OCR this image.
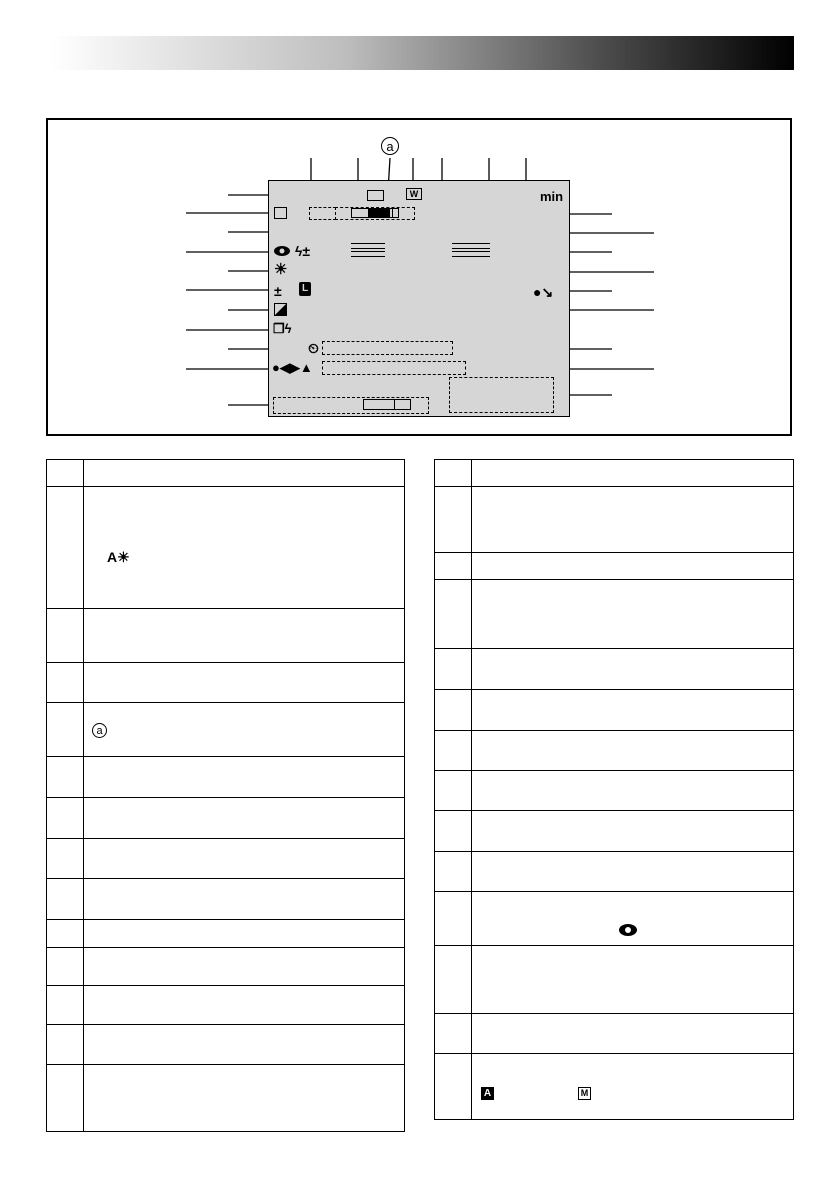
a
min
W
ϟ±
☀
±
❐ϟ
⏲
●◀▶▲
L	●↘
A☀
a
A	M
